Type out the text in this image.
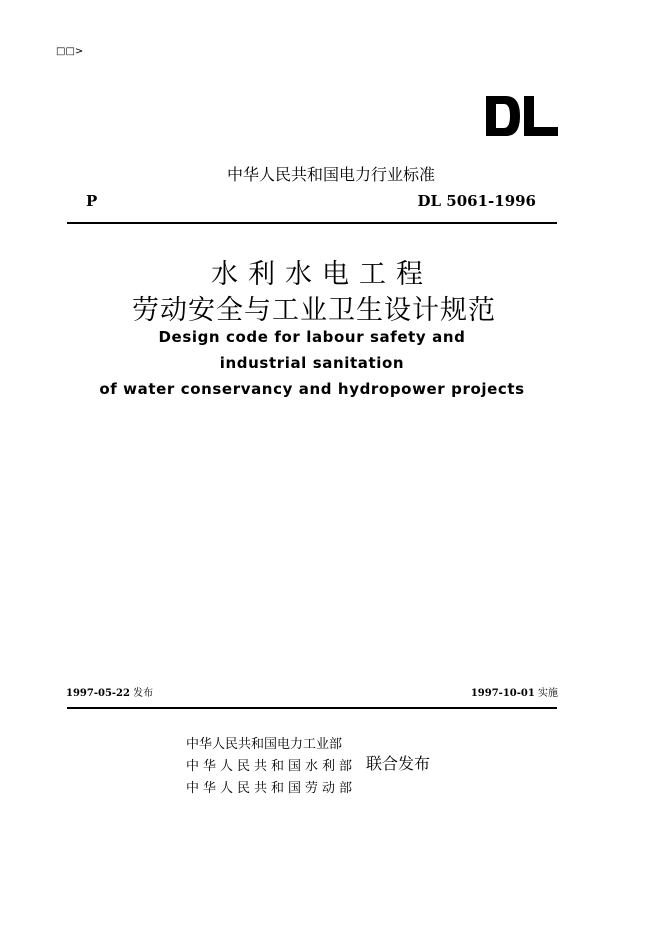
□□>
中华人民共和国电力行业标准
P	DL 5061-1996
水利水电工程
劳动安全与工业卫生设计规范
Design code for labour safety and
industrial sanitation
of water conservancy and hydropower projects
1997-05-22 发布	1997-10-01 实施
中华人民共和国电力工业部
中华人民共和国水利部
中华人民共和国劳动部
联合发布
